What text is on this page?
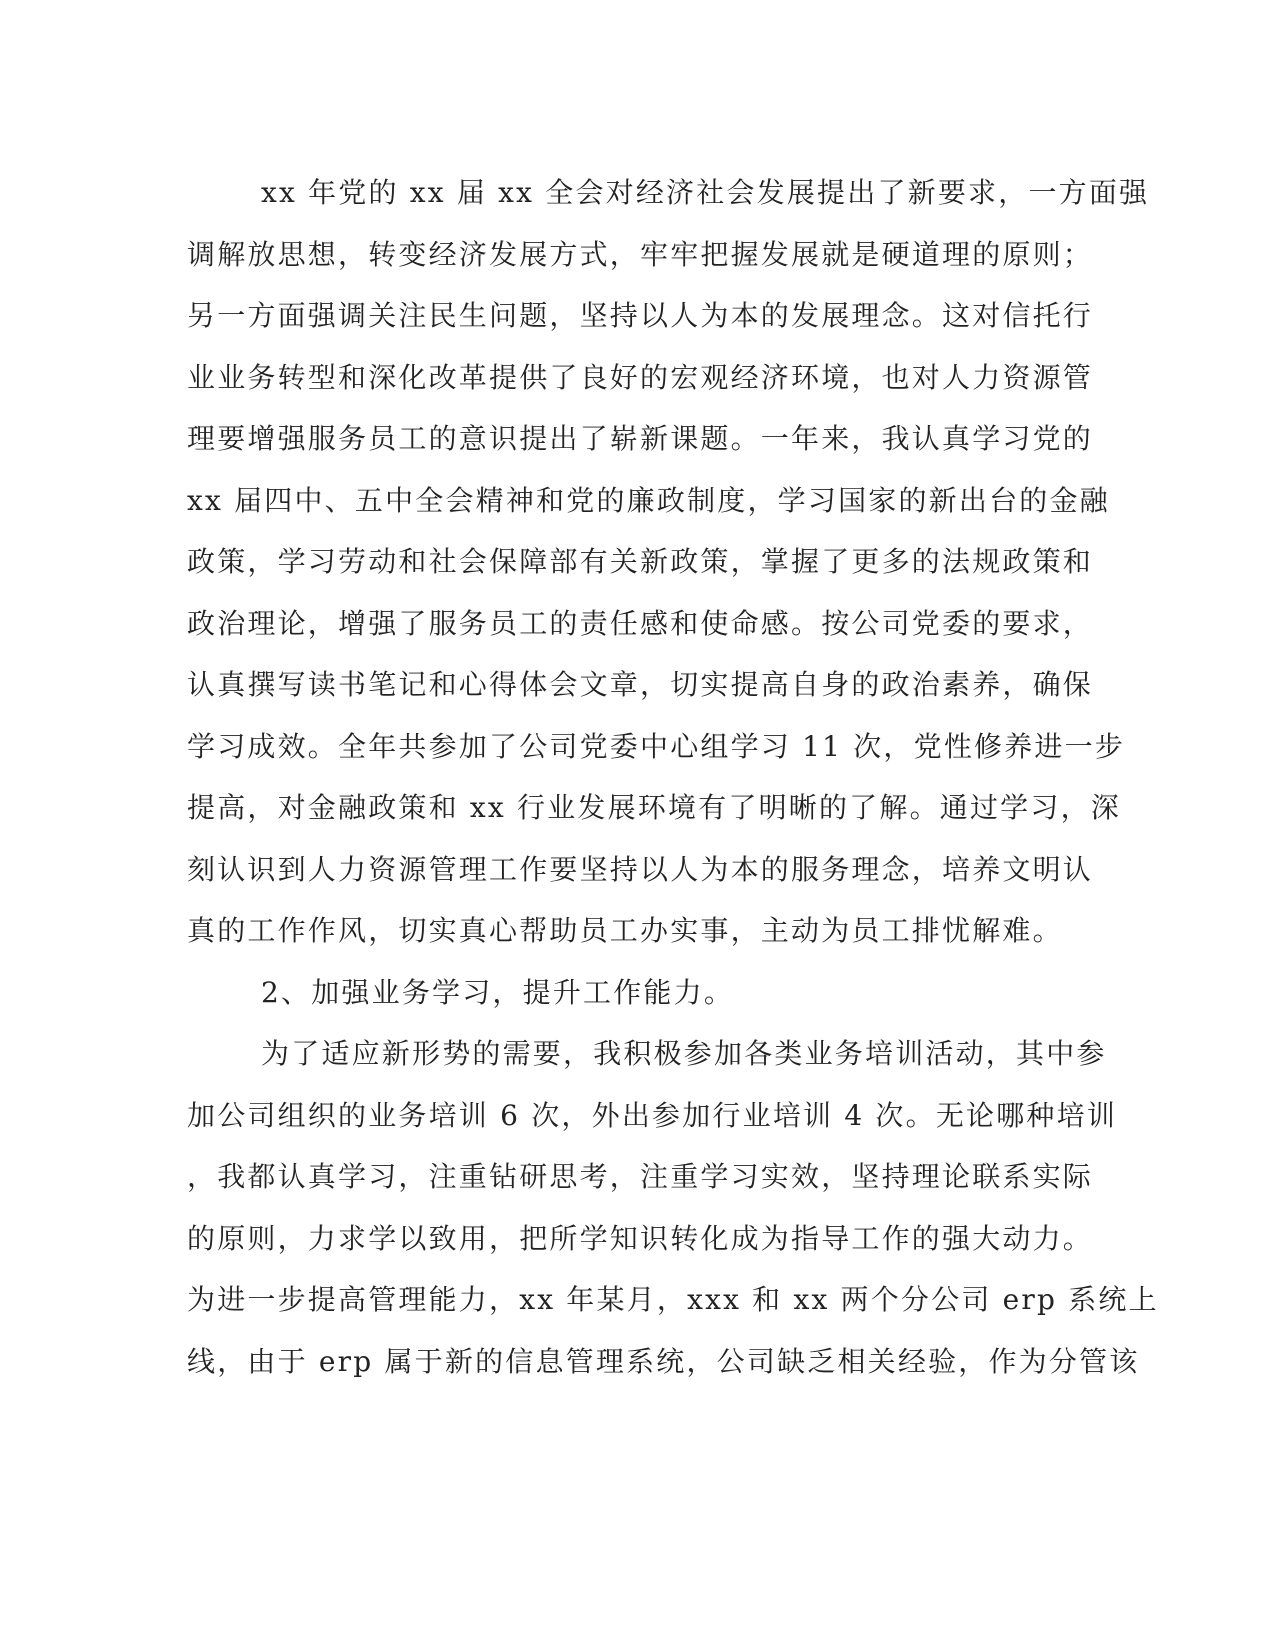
xx 年党的 xx 届 xx 全会对经济社会发展提出了新要求，一方面强
调解放思想，转变经济发展方式，牢牢把握发展就是硬道理的原则；
另一方面强调关注民生问题，坚持以人为本的发展理念。这对信托行
业业务转型和深化改革提供了良好的宏观经济环境，也对人力资源管
理要增强服务员工的意识提出了崭新课题。一年来，我认真学习党的
xx 届四中、五中全会精神和党的廉政制度，学习国家的新出台的金融
政策，学习劳动和社会保障部有关新政策，掌握了更多的法规政策和
政治理论，增强了服务员工的责任感和使命感。按公司党委的要求，
认真撰写读书笔记和心得体会文章，切实提高自身的政治素养，确保
学习成效。全年共参加了公司党委中心组学习 11 次，党性修养进一步
提高，对金融政策和 xx 行业发展环境有了明晰的了解。通过学习，深
刻认识到人力资源管理工作要坚持以人为本的服务理念，培养文明认
真的工作作风，切实真心帮助员工办实事，主动为员工排忧解难。
2、加强业务学习，提升工作能力。
为了适应新形势的需要，我积极参加各类业务培训活动，其中参
加公司组织的业务培训 6 次，外出参加行业培训 4 次。无论哪种培训
，我都认真学习，注重钻研思考，注重学习实效，坚持理论联系实际
的原则，力求学以致用，把所学知识转化成为指导工作的强大动力。
为进一步提高管理能力，xx 年某月，xxx 和 xx 两个分公司 erp 系统上
线，由于 erp 属于新的信息管理系统，公司缺乏相关经验，作为分管该
